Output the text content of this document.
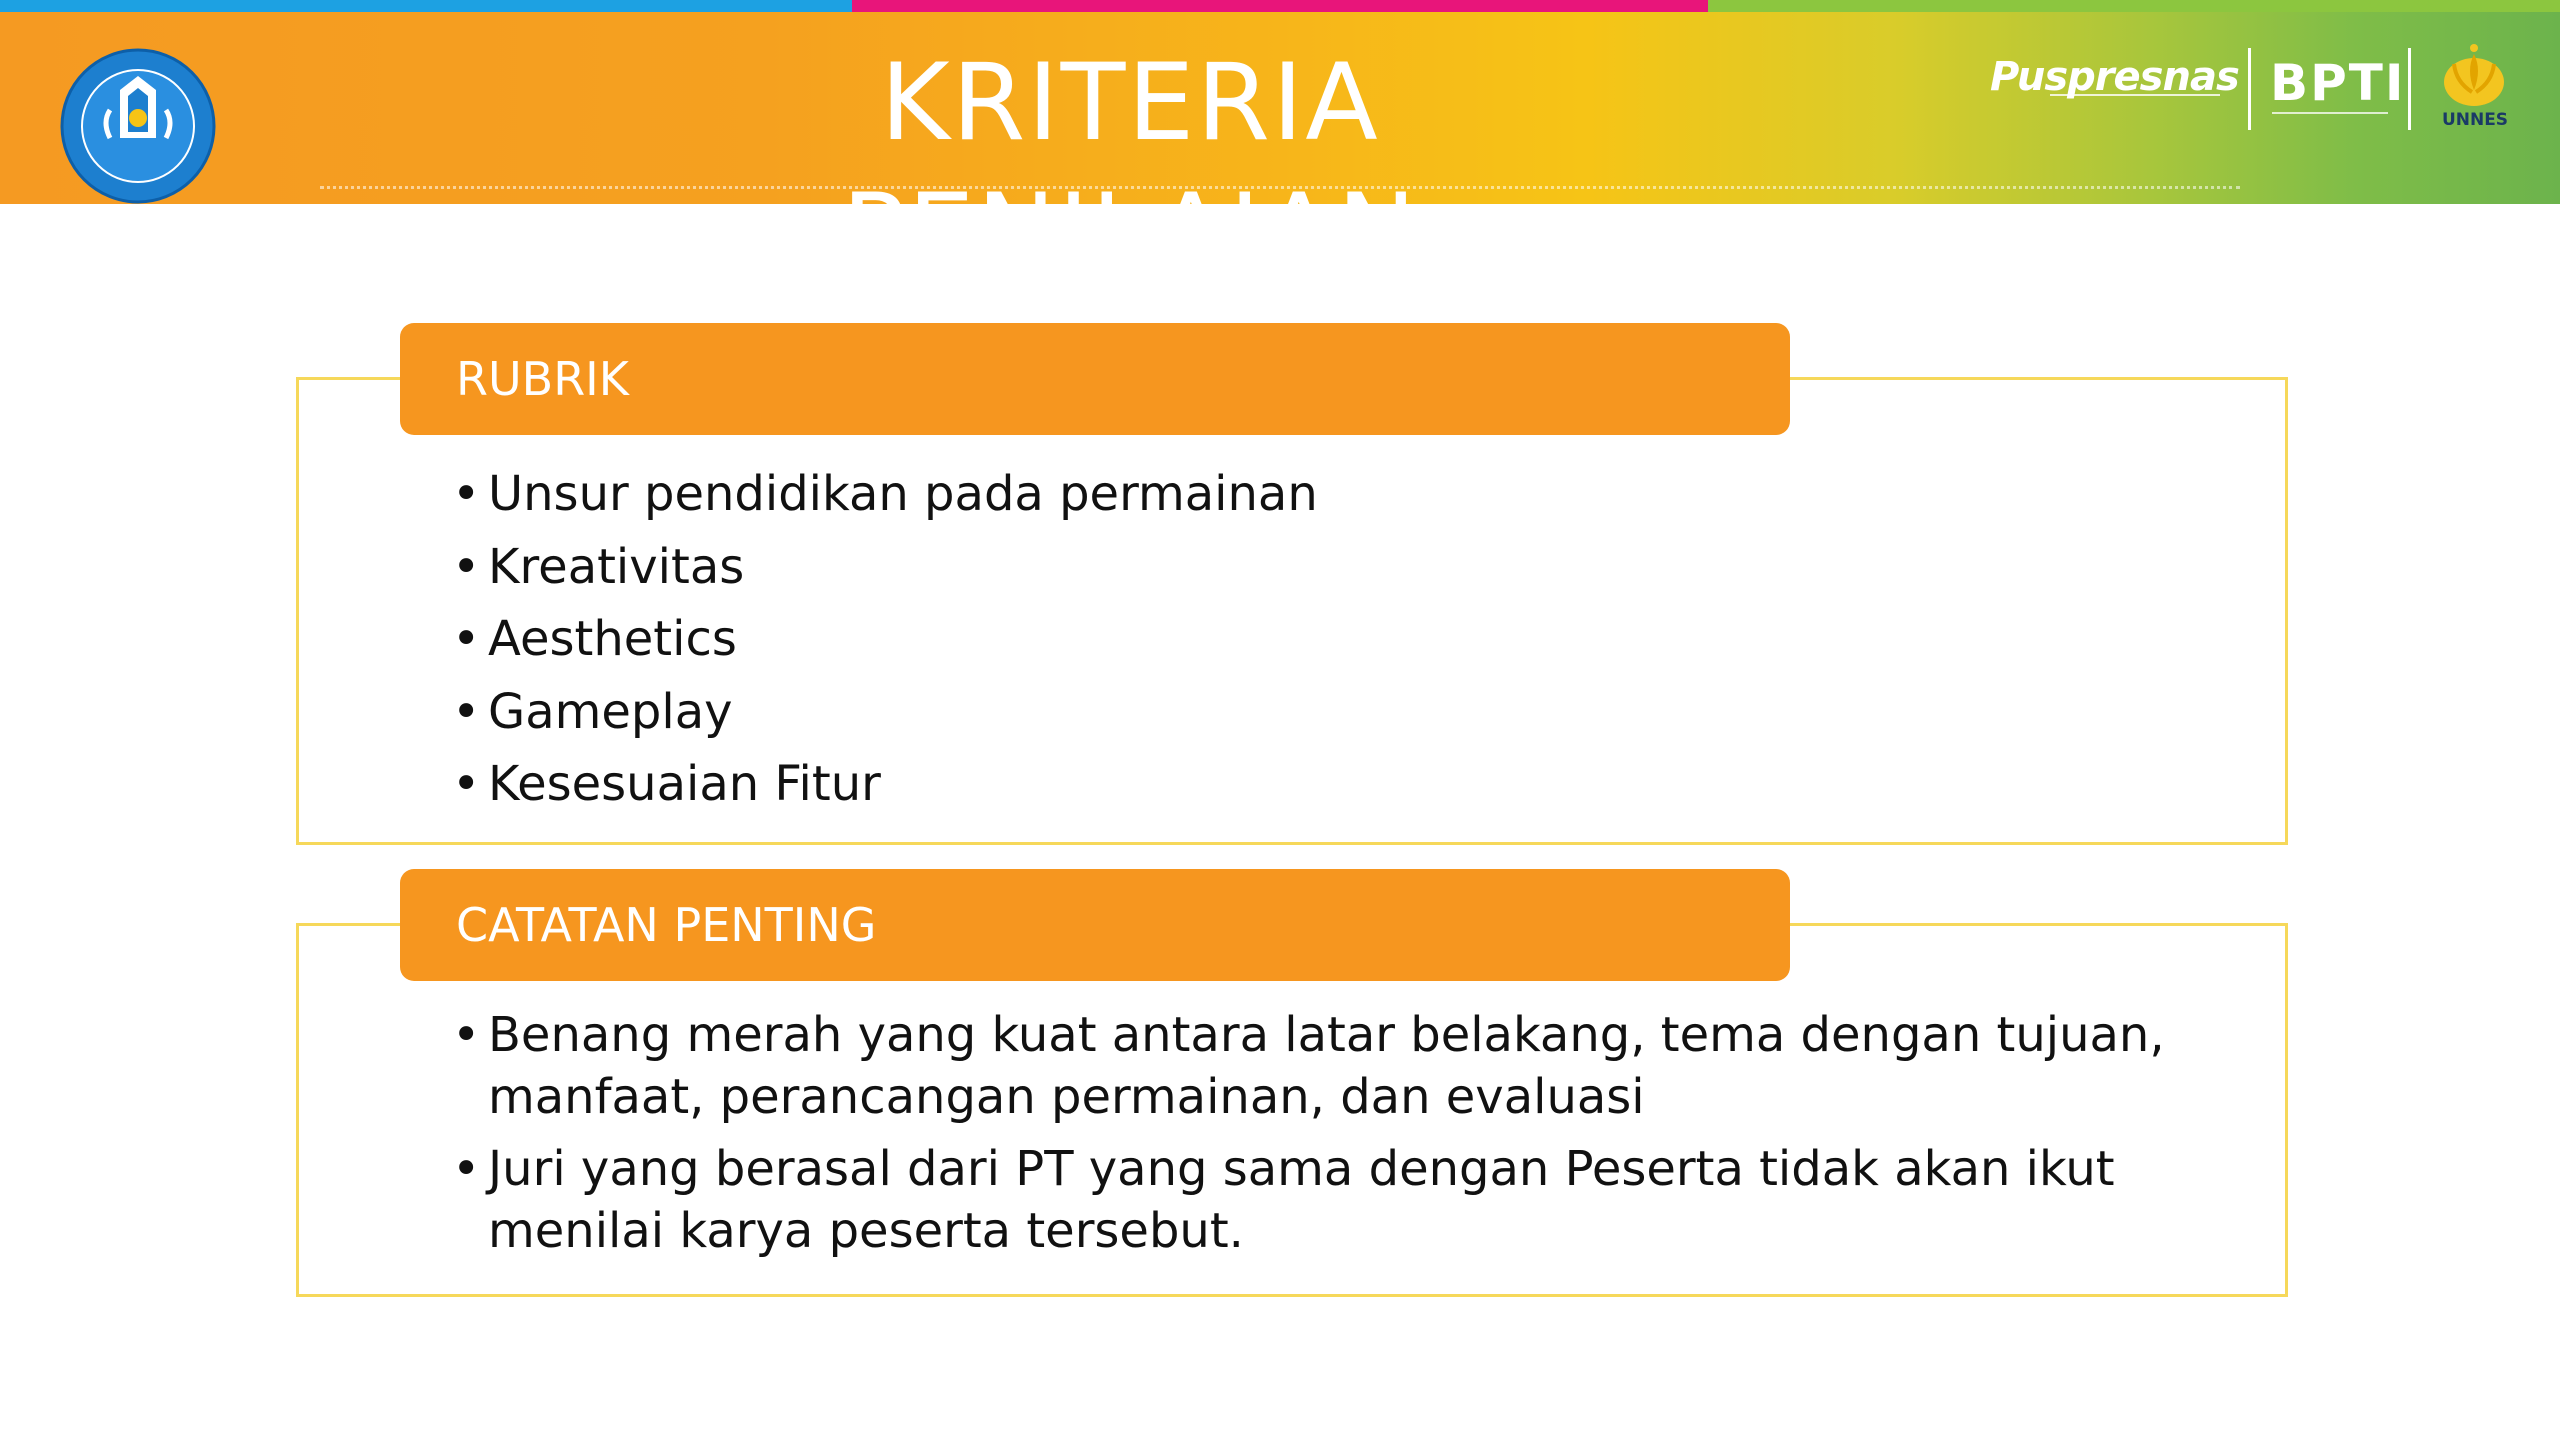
KRITERIA PENILAIAN
Puspresnas BPTI
UNNES
RUBRIK
• Unsur pendidikan pada permainan
• Kreativitas
• Aesthetics
• Gameplay
• Kesesuaian Fitur
CATATAN PENTING
• Benang merah yang kuat antara latar belakang, tema dengan tujuan, manfaat, perancangan permainan, dan evaluasi
• Juri yang berasal dari PT yang sama dengan Peserta tidak akan ikut menilai karya peserta tersebut.
